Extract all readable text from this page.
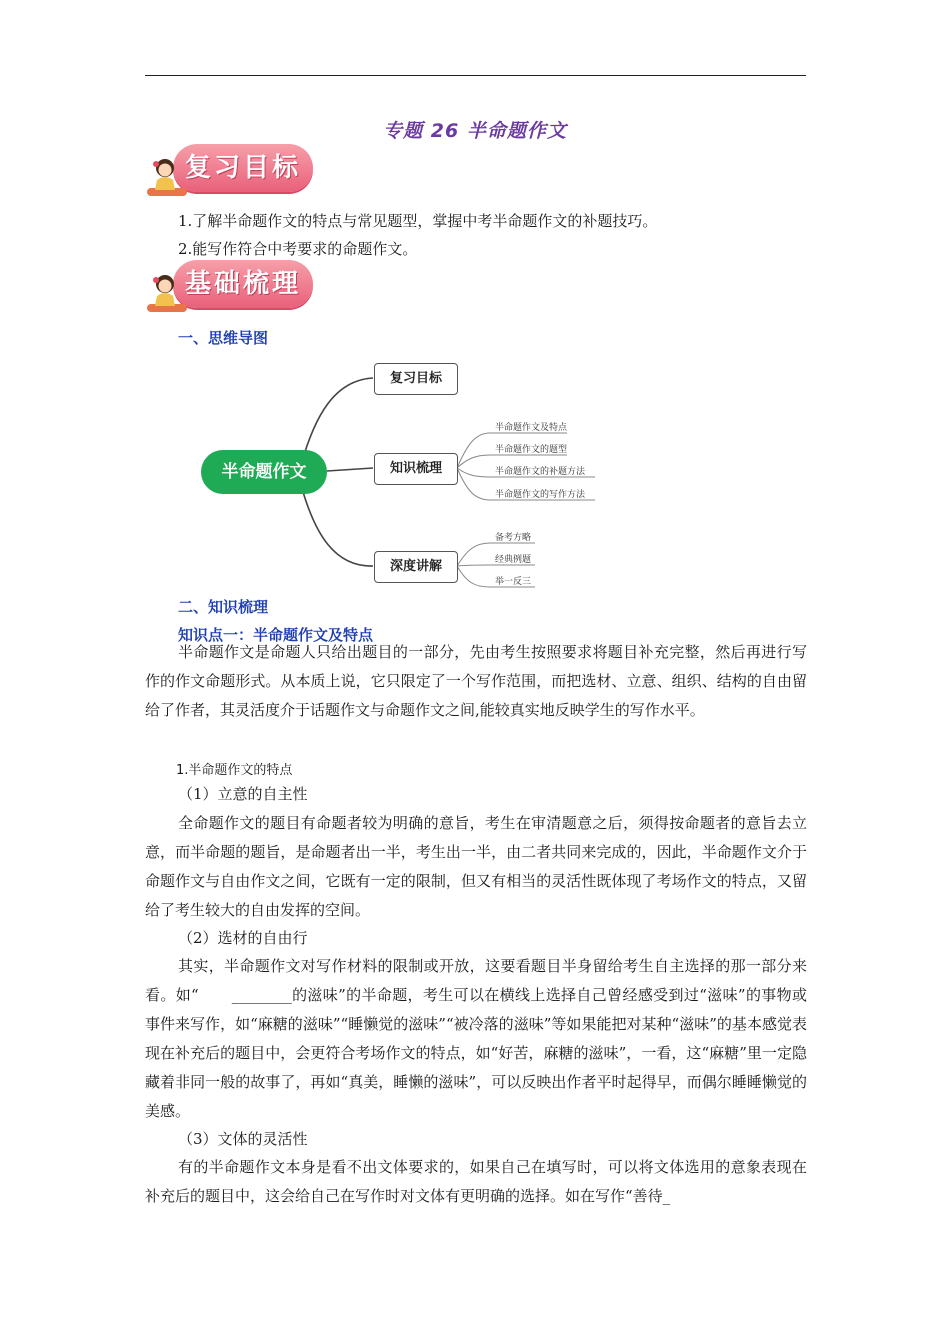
专题 26 半命题作文
复习目标
1.了解半命题作文的特点与常见题型，掌握中考半命题作文的补题技巧。
2.能写作符合中考要求的命题作文。
基础梳理
一、思维导图
半命题作文
复习目标
知识梳理
深度讲解
半命题作文及特点
半命题作文的题型
半命题作文的补题方法
半命题作文的写作方法
备考方略
经典例题
举一反三
二、知识梳理
知识点一：半命题作文及特点
半命题作文是命题人只给出题目的一部分，先由考生按照要求将题目补充完整，然后再进行写作的作文命题形式。从本质上说，它只限定了一个写作范围，而把选材、立意、组织、结构的自由留给了作者，其灵活度介于话题作文与命题作文之间,能较真实地反映学生的写作水平。
1.半命题作文的特点
（1）立意的自主性
全命题作文的题目有命题者较为明确的意旨，考生在审清题意之后，须得按命题者的意旨去立意，而半命题的题旨，是命题者出一半，考生出一半，由二者共同来完成的，因此，半命题作文介于命题作文与自由作文之间，它既有一定的限制，但又有相当的灵活性既体现了考场作文的特点，又留给了考生较大的自由发挥的空间。
（2）选材的自由行
其实，半命题作文对写作材料的限制或开放，这要看题目半身留给考生自主选择的那一部分来看。如“ ________的滋味”的半命题，考生可以在横线上选择自己曾经感受到过“滋味”的事物或事件来写作，如“麻糖的滋味”“睡懒觉的滋味”“被冷落的滋味”等如果能把对某种“滋味”的基本感觉表现在补充后的题目中，会更符合考场作文的特点，如“好苦，麻糖的滋味”，一看，这“麻糖”里一定隐藏着非同一般的故事了，再如“真美，睡懒的滋味”，可以反映出作者平时起得早，而偶尔睡睡懒觉的美感。
（3）文体的灵活性
有的半命题作文本身是看不出文体要求的，如果自己在填写时，可以将文体选用的意象表现在补充后的题目中，这会给自己在写作时对文体有更明确的选择。如在写作“善待_
